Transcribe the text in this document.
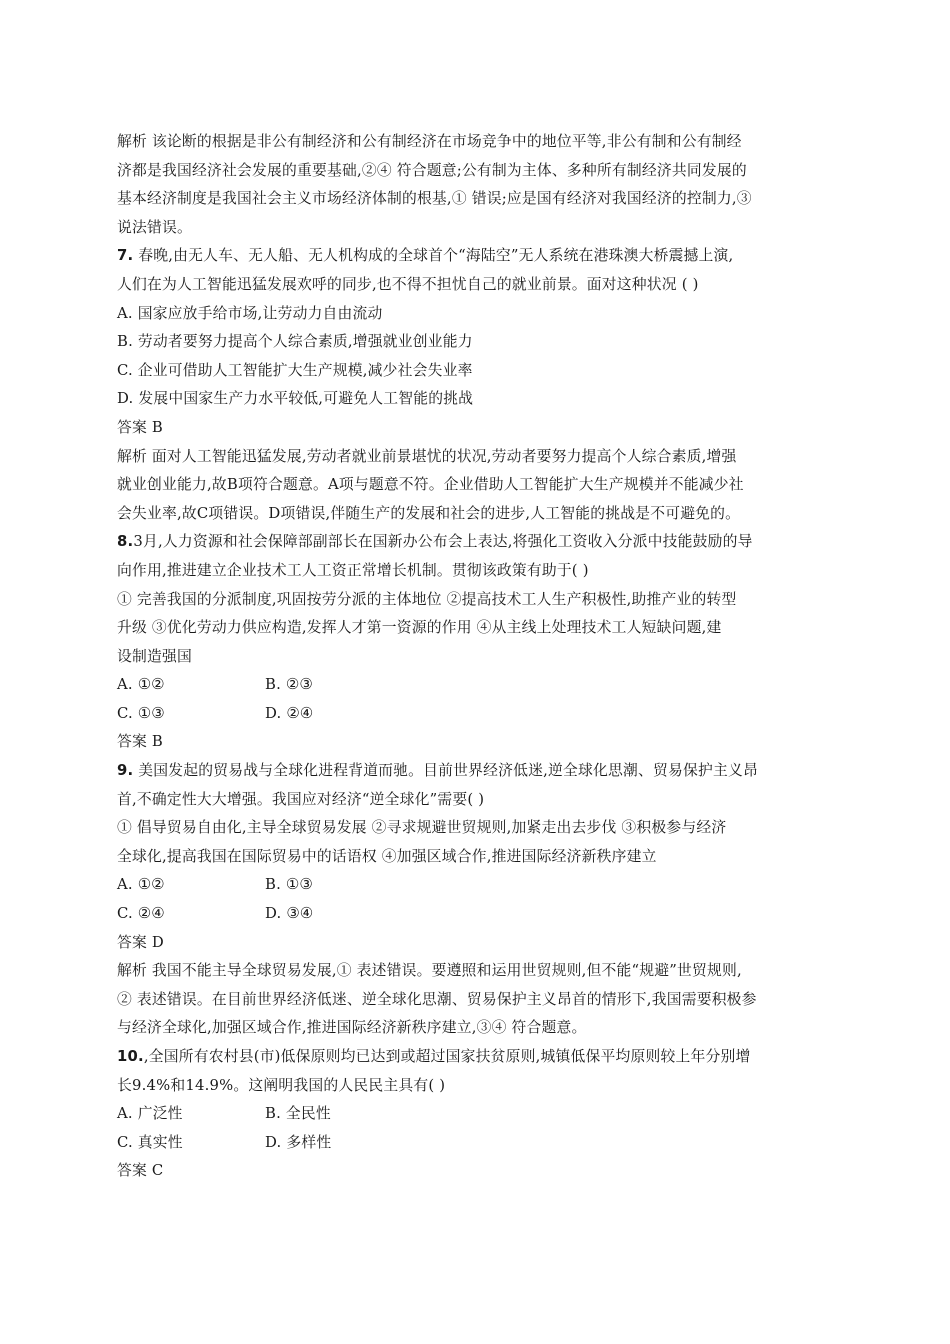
解析 该论断的根据是非公有制经济和公有制经济在市场竞争中的地位平等,非公有制和公有制经
济都是我国经济社会发展的重要基础,②④ 符合题意;公有制为主体、多种所有制经济共同发展的
基本经济制度是我国社会主义市场经济体制的根基,① 错误;应是国有经济对我国经济的控制力,③
说法错误。
7. 春晚,由无人车、无人船、无人机构成的全球首个“海陆空”无人系统在港珠澳大桥震撼上演,
人们在为人工智能迅猛发展欢呼的同步,也不得不担忧自己的就业前景。面对这种状况 ( )
A. 国家应放手给市场,让劳动力自由流动
B. 劳动者要努力提高个人综合素质,增强就业创业能力
C. 企业可借助人工智能扩大生产规模,减少社会失业率
D. 发展中国家生产力水平较低,可避免人工智能的挑战
答案 B
解析 面对人工智能迅猛发展,劳动者就业前景堪忧的状况,劳动者要努力提高个人综合素质,增强
就业创业能力,故B项符合题意。A项与题意不符。企业借助人工智能扩大生产规模并不能减少社
会失业率,故C项错误。D项错误,伴随生产的发展和社会的进步,人工智能的挑战是不可避免的。
8.3月,人力资源和社会保障部副部长在国新办公布会上表达,将强化工资收入分派中技能鼓励的导
向作用,推进建立企业技术工人工资正常增长机制。贯彻该政策有助于( )
① 完善我国的分派制度,巩固按劳分派的主体地位 ②提高技术工人生产积极性,助推产业的转型
升级 ③优化劳动力供应构造,发挥人才第一资源的作用 ④从主线上处理技术工人短缺问题,建
设制造强国
A. ①②	B. ②③
C. ①③	D. ②④
答案 B
9. 美国发起的贸易战与全球化进程背道而驰。目前世界经济低迷,逆全球化思潮、贸易保护主义昂
首,不确定性大大增强。我国应对经济“逆全球化”需要( )
① 倡导贸易自由化,主导全球贸易发展 ②寻求规避世贸规则,加紧走出去步伐 ③积极参与经济
全球化,提高我国在国际贸易中的话语权 ④加强区域合作,推进国际经济新秩序建立
A. ①②	B. ①③
C. ②④	D. ③④
答案 D
解析 我国不能主导全球贸易发展,① 表述错误。要遵照和运用世贸规则,但不能“规避”世贸规则,
② 表述错误。在目前世界经济低迷、逆全球化思潮、贸易保护主义昂首的情形下,我国需要积极参
与经济全球化,加强区域合作,推进国际经济新秩序建立,③④ 符合题意。
10.,全国所有农村县(市)低保原则均已达到或超过国家扶贫原则,城镇低保平均原则较上年分别增
长9.4%和14.9%。这阐明我国的人民民主具有( )
A. 广泛性	B. 全民性
C. 真实性	D. 多样性
答案 C
